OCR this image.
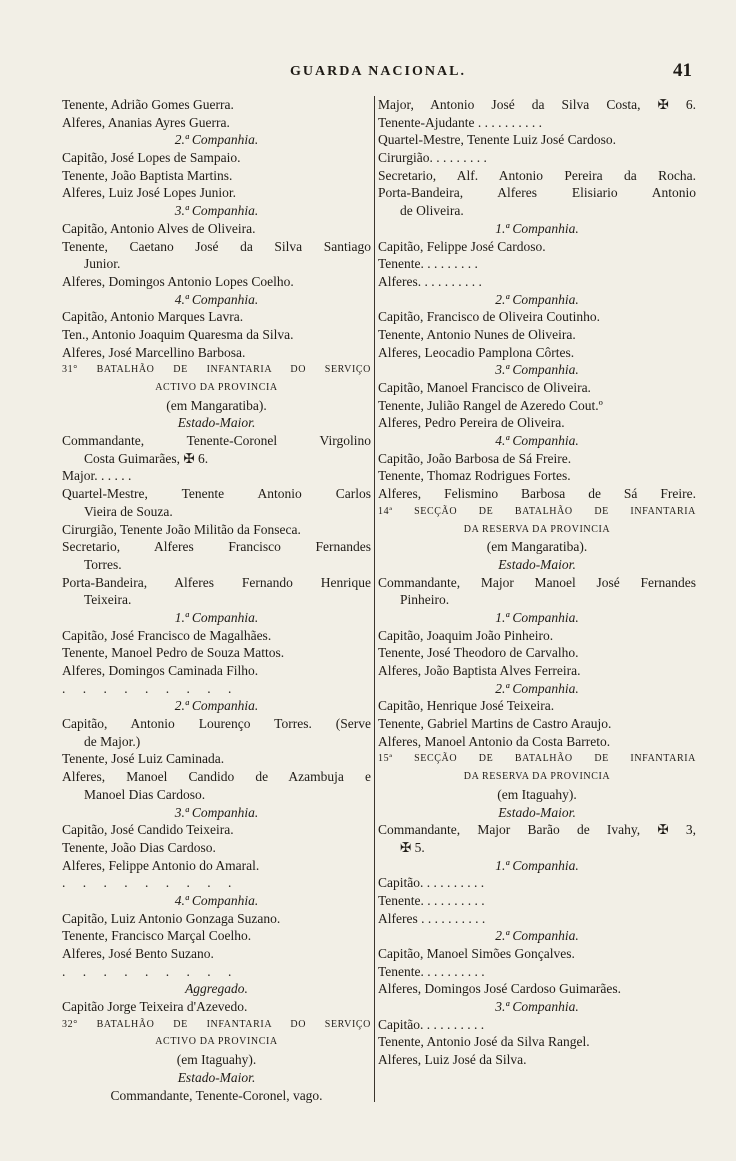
GUARDA NACIONAL.	41
Tenente, Adrião Gomes Guerra.
Alferes, Ananias Ayres Guerra.
2.ª Companhia.
Capitão, José Lopes de Sampaio.
Tenente, João Baptista Martins.
Alferes, Luiz José Lopes Junior.
3.ª Companhia.
Capitão, Antonio Alves de Oliveira.
Tenente, Caetano José da Silva Santiago
Junior.
Alferes, Domingos Antonio Lopes Coelho.
4.ª Companhia.
Capitão, Antonio Marques Lavra.
Ten., Antonio Joaquim Quaresma da Silva.
Alferes, José Marcellino Barbosa.
31° BATALHÃO DE INFANTARIA DO SERVIÇO
ACTIVO DA PROVINCIA
(em Mangaratiba).
Estado-Maior.
Commandante, Tenente-Coronel Virgolino
Costa Guimarães, ✠ 6.
Major. . . . . .
Quartel-Mestre, Tenente Antonio Carlos
Vieira de Souza.
Cirurgião, Tenente João Militão da Fonseca.
Secretario, Alferes Francisco Fernandes
Torres.
Porta-Bandeira, Alferes Fernando Henrique
Teixeira.
1.ª Companhia.
Capitão, José Francisco de Magalhães.
Tenente, Manoel Pedro de Souza Mattos.
Alferes, Domingos Caminada Filho.
. . . . . . . . .
2.ª Companhia.
Capitão, Antonio Lourenço Torres. (Serve
de Major.)
Tenente, José Luiz Caminada.
Alferes, Manoel Candido de Azambuja e
Manoel Dias Cardoso.
3.ª Companhia.
Capitão, José Candido Teixeira.
Tenente, João Dias Cardoso.
Alferes, Felippe Antonio do Amaral.
. . . . . . . . .
4.ª Companhia.
Capitão, Luiz Antonio Gonzaga Suzano.
Tenente, Francisco Marçal Coelho.
Alferes, José Bento Suzano.
. . . . . . . . .
Aggregado.
Capitão Jorge Teixeira d'Azevedo.
32° BATALHÃO DE INFANTARIA DO SERVIÇO
ACTIVO DA PROVINCIA
(em Itaguahy).
Estado-Maior.
Commandante, Tenente-Coronel, vago.
Major, Antonio José da Silva Costa, ✠ 6.
Tenente-Ajudante . . . . . . . . . .
Quartel-Mestre, Tenente Luiz José Cardoso.
Cirurgião. . . . . . . . .
Secretario, Alf. Antonio Pereira da Rocha.
Porta-Bandeira, Alferes Elisiario Antonio
de Oliveira.
1.ª Companhia.
Capitão, Felippe José Cardoso.
Tenente. . . . . . . . .
Alferes. . . . . . . . . .
2.ª Companhia.
Capitão, Francisco de Oliveira Coutinho.
Tenente, Antonio Nunes de Oliveira.
Alferes, Leocadio Pamplona Côrtes.
3.ª Companhia.
Capitão, Manoel Francisco de Oliveira.
Tenente, Julião Rangel de Azeredo Cout.º
Alferes, Pedro Pereira de Oliveira.
4.ª Companhia.
Capitão, João Barbosa de Sá Freire.
Tenente, Thomaz Rodrigues Fortes.
Alferes, Felismino Barbosa de Sá Freire.
14ª SECÇÃO DE BATALHÃO DE INFANTARIA
DA RESERVA DA PROVINCIA
(em Mangaratiba).
Estado-Maior.
Commandante, Major Manoel José Fernandes
Pinheiro.
1.ª Companhia.
Capitão, Joaquim João Pinheiro.
Tenente, José Theodoro de Carvalho.
Alferes, João Baptista Alves Ferreira.
2.ª Companhia.
Capitão, Henrique José Teixeira.
Tenente, Gabriel Martins de Castro Araujo.
Alferes, Manoel Antonio da Costa Barreto.
15ª SECÇÃO DE BATALHÃO DE INFANTARIA
DA RESERVA DA PROVINCIA
(em Itaguahy).
Estado-Maior.
Commandante, Major Barão de Ivahy, ✠ 3,
✠ 5.
1.ª Companhia.
Capitão. . . . . . . . . .
Tenente. . . . . . . . . .
Alferes . . . . . . . . . .
2.ª Companhia.
Capitão, Manoel Simões Gonçalves.
Tenente. . . . . . . . . .
Alferes, Domingos José Cardoso Guimarães.
3.ª Companhia.
Capitão. . . . . . . . . .
Tenente, Antonio José da Silva Rangel.
Alferes, Luiz José da Silva.
